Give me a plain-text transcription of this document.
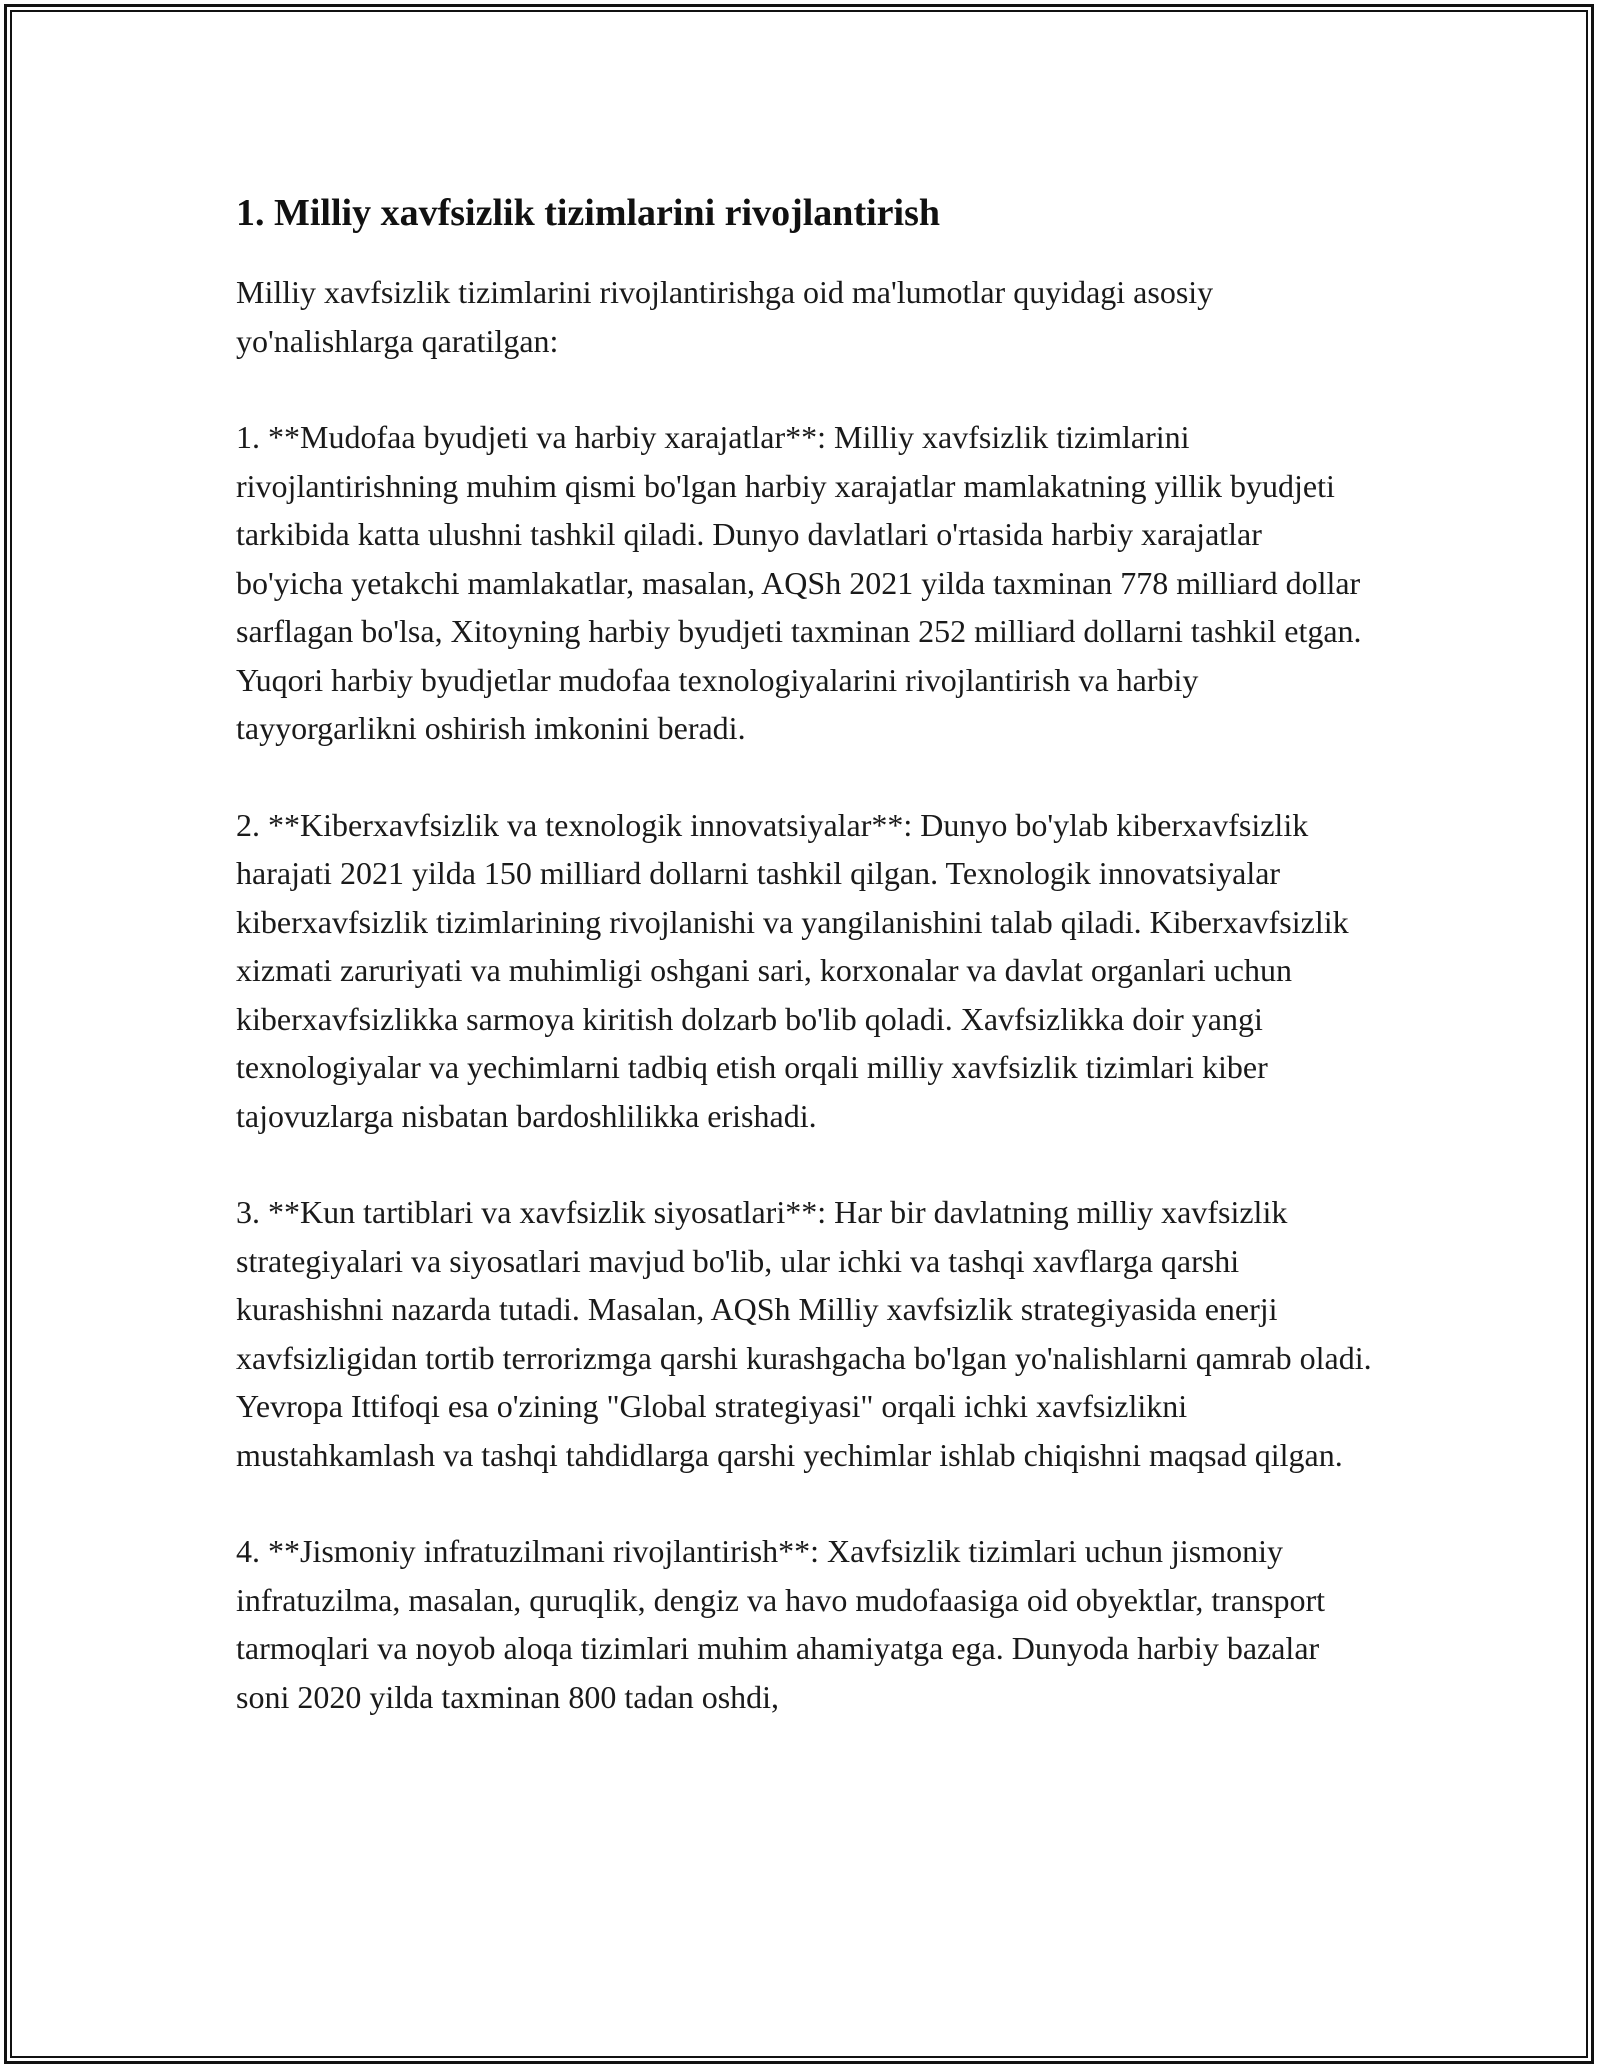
1. Milliy xavfsizlik tizimlarini rivojlantirish

Milliy xavfsizlik tizimlarini rivojlantirishga oid ma'lumotlar quyidagi asosiy yo'nalishlarga qaratilgan:

1. **Mudofaa byudjeti va harbiy xarajatlar**: Milliy xavfsizlik tizimlarini rivojlantirishning muhim qismi bo'lgan harbiy xarajatlar mamlakatning yillik byudjeti tarkibida katta ulushni tashkil qiladi. Dunyo davlatlari o'rtasida harbiy xarajatlar bo'yicha yetakchi mamlakatlar, masalan, AQSh 2021 yilda taxminan 778 milliard dollar sarflagan bo'lsa, Xitoyning harbiy byudjeti taxminan 252 milliard dollarni tashkil etgan. Yuqori harbiy byudjetlar mudofaa texnologiyalarini rivojlantirish va harbiy tayyorgarlikni oshirish imkonini beradi.

2. **Kiberxavfsizlik va texnologik innovatsiyalar**: Dunyo bo'ylab kiberxavfsizlik harajati 2021 yilda 150 milliard dollarni tashkil qilgan. Texnologik innovatsiyalar kiberxavfsizlik tizimlarining rivojlanishi va yangilanishini talab qiladi. Kiberxavfsizlik xizmati zaruriyati va muhimligi oshgani sari, korxonalar va davlat organlari uchun kiberxavfsizlikka sarmoya kiritish dolzarb bo'lib qoladi. Xavfsizlikka doir yangi texnologiyalar va yechimlarni tadbiq etish orqali milliy xavfsizlik tizimlari kiber tajovuzlarga nisbatan bardoshlilikka erishadi.

3. **Kun tartiblari va xavfsizlik siyosatlari**: Har bir davlatning milliy xavfsizlik strategiyalari va siyosatlari mavjud bo'lib, ular ichki va tashqi xavflarga qarshi kurashishni nazarda tutadi. Masalan, AQSh Milliy xavfsizlik strategiyasida enerji xavfsizligidan tortib terrorizmga qarshi kurashgacha bo'lgan yo'nalishlarni qamrab oladi. Yevropa Ittifoqi esa o'zining "Global strategiyasi" orqali ichki xavfsizlikni mustahkamlash va tashqi tahdidlarga qarshi yechimlar ishlab chiqishni maqsad qilgan.

4. **Jismoniy infratuzilmani rivojlantirish**: Xavfsizlik tizimlari uchun jismoniy infratuzilma, masalan, quruqlik, dengiz va havo mudofaasiga oid obyektlar, transport tarmoqlari va noyob aloqa tizimlari muhim ahamiyatga ega. Dunyoda harbiy bazalar soni 2020 yilda taxminan 800 tadan oshdi,
